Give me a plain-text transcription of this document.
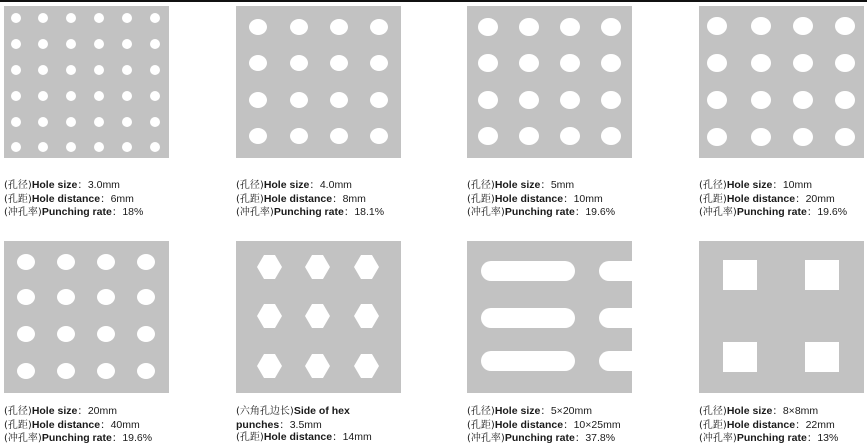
(孔径)Hole size：3.0mm
(孔距)Hole distance：6mm
(冲孔率)Punching rate：18%
(孔径)Hole size：4.0mm
(孔距)Hole distance：8mm
(冲孔率)Punching rate：18.1%
(孔径)Hole size：5mm
(孔距)Hole distance：10mm
(冲孔率)Punching rate：19.6%
(孔径)Hole size：10mm
(孔距)Hole distance：20mm
(冲孔率)Punching rate：19.6%
(孔径)Hole size：20mm
(孔距)Hole distance：40mm
(冲孔率)Punching rate：19.6%
(六角孔边长)Side of hex
punches：3.5mm
(孔距)Hole distance：14mm
(孔径)Hole size：5×20mm
(孔距)Hole distance：10×25mm
(冲孔率)Punching rate：37.8%
(孔径)Hole size：8×8mm
(孔距)Hole distance：22mm
(冲孔率)Punching rate：13%
